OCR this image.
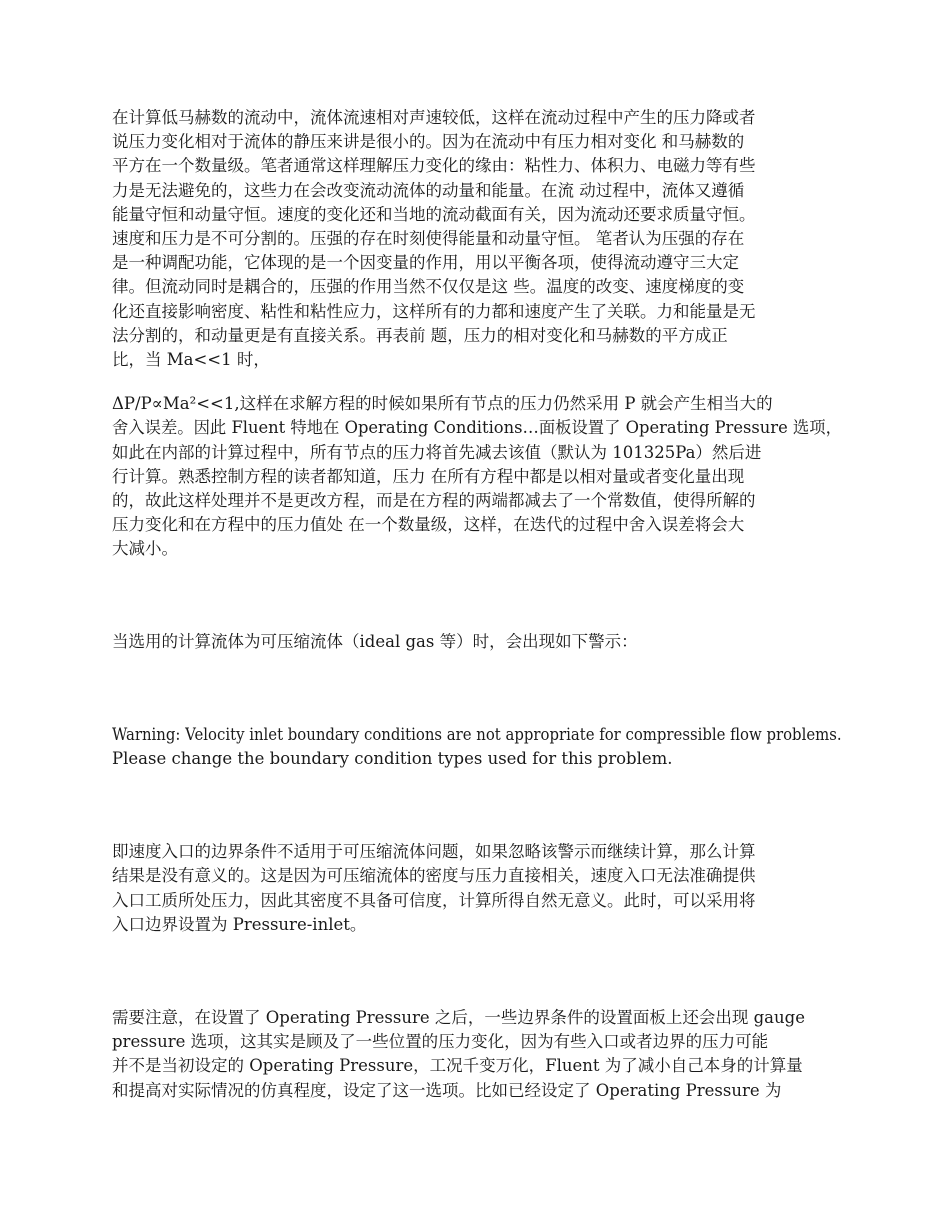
在计算低马赫数的流动中，流体流速相对声速较低，这样在流动过程中产生的压力降或者
说压力变化相对于流体的静压来讲是很小的。因为在流动中有压力相对变化 和马赫数的
平方在一个数量级。笔者通常这样理解压力变化的缘由：粘性力、体积力、电磁力等有些
力是无法避免的，这些力在会改变流动流体的动量和能量。在流 动过程中，流体又遵循
能量守恒和动量守恒。速度的变化还和当地的流动截面有关，因为流动还要求质量守恒。
速度和压力是不可分割的。压强的存在时刻使得能量和动量守恒。 笔者认为压强的存在
是一种调配功能，它体现的是一个因变量的作用，用以平衡各项，使得流动遵守三大定
律。但流动同时是耦合的，压强的作用当然不仅仅是这 些。温度的改变、速度梯度的变
化还直接影响密度、粘性和粘性应力，这样所有的力都和速度产生了关联。力和能量是无
法分割的，和动量更是有直接关系。再表前 题，压力的相对变化和马赫数的平方成正
比，当 Ma<<1 时，

ΔP/P∝Ma²<<1,这样在求解方程的时候如果所有节点的压力仍然采用 P 就会产生相当大的
舍入误差。因此 Fluent 特地在 Operating Conditions…面板设置了 Operating Pressure 选项，
如此在内部的计算过程中，所有节点的压力将首先减去该值（默认为 101325Pa）然后进
行计算。熟悉控制方程的读者都知道，压力 在所有方程中都是以相对量或者变化量出现
的，故此这样处理并不是更改方程，而是在方程的两端都减去了一个常数值，使得所解的
压力变化和在方程中的压力值处 在一个数量级，这样，在迭代的过程中舍入误差将会大
大减小。

当选用的计算流体为可压缩流体（ideal gas 等）时，会出现如下警示：

Warning: Velocity inlet boundary conditions are not appropriate for compressible flow problems.
Please change the boundary condition types used for this problem.

即速度入口的边界条件不适用于可压缩流体问题，如果忽略该警示而继续计算，那么计算
结果是没有意义的。这是因为可压缩流体的密度与压力直接相关，速度入口无法准确提供
入口工质所处压力，因此其密度不具备可信度，计算所得自然无意义。此时，可以采用将
入口边界设置为 Pressure-inlet。

需要注意，在设置了 Operating Pressure 之后，一些边界条件的设置面板上还会出现 gauge
pressure 选项，这其实是顾及了一些位置的压力变化，因为有些入口或者边界的压力可能
并不是当初设定的 Operating Pressure，工况千变万化，Fluent 为了减小自己本身的计算量
和提高对实际情况的仿真程度，设定了这一选项。比如已经设定了 Operating Pressure 为
